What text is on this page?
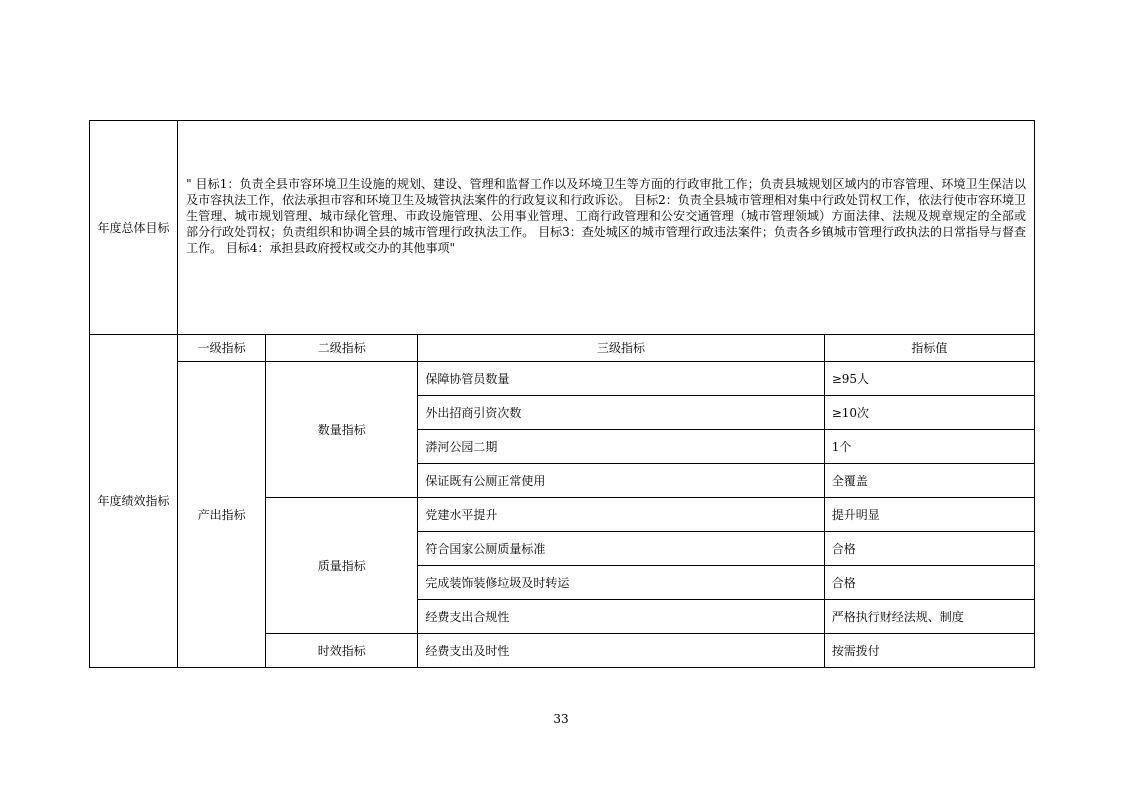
年度总体目标	" 目标1：负责全县市容环境卫生设施的规划、建设、管理和监督工作以及环境卫生等方面的行政审批工作；负责县城规划区域内的市容管理、环境卫生保洁以及市容执法工作，依法承担市容和环境卫生及城管执法案件的行政复议和行政诉讼。 目标2：负责全县城市管理相对集中行政处罚权工作，依法行使市容环境卫生管理、城市规划管理、城市绿化管理、市政设施管理、公用事业管理、工商行政管理和公安交通管理（城市管理领域）方面法律、法规及规章规定的全部或部分行政处罚权；负责组织和协调全县的城市管理行政执法工作。 目标3：查处城区的城市管理行政违法案件；负责各乡镇城市管理行政执法的日常指导与督查工作。 目标4：承担县政府授权或交办的其他事项"			

年度绩效指标	一级指标	二级指标	三级指标	指标值
	产出指标	数量指标	保障协管员数量	≥95人
			外出招商引资次数	≥10次
			漭河公园二期	1个
			保证既有公厕正常使用	全覆盖
		质量指标	党建水平提升	提升明显
			符合国家公厕质量标准	合格
			完成装饰装修垃圾及时转运	合格
			经费支出合规性	严格执行财经法规、制度
		时效指标	经费支出及时性	按需拨付
33
